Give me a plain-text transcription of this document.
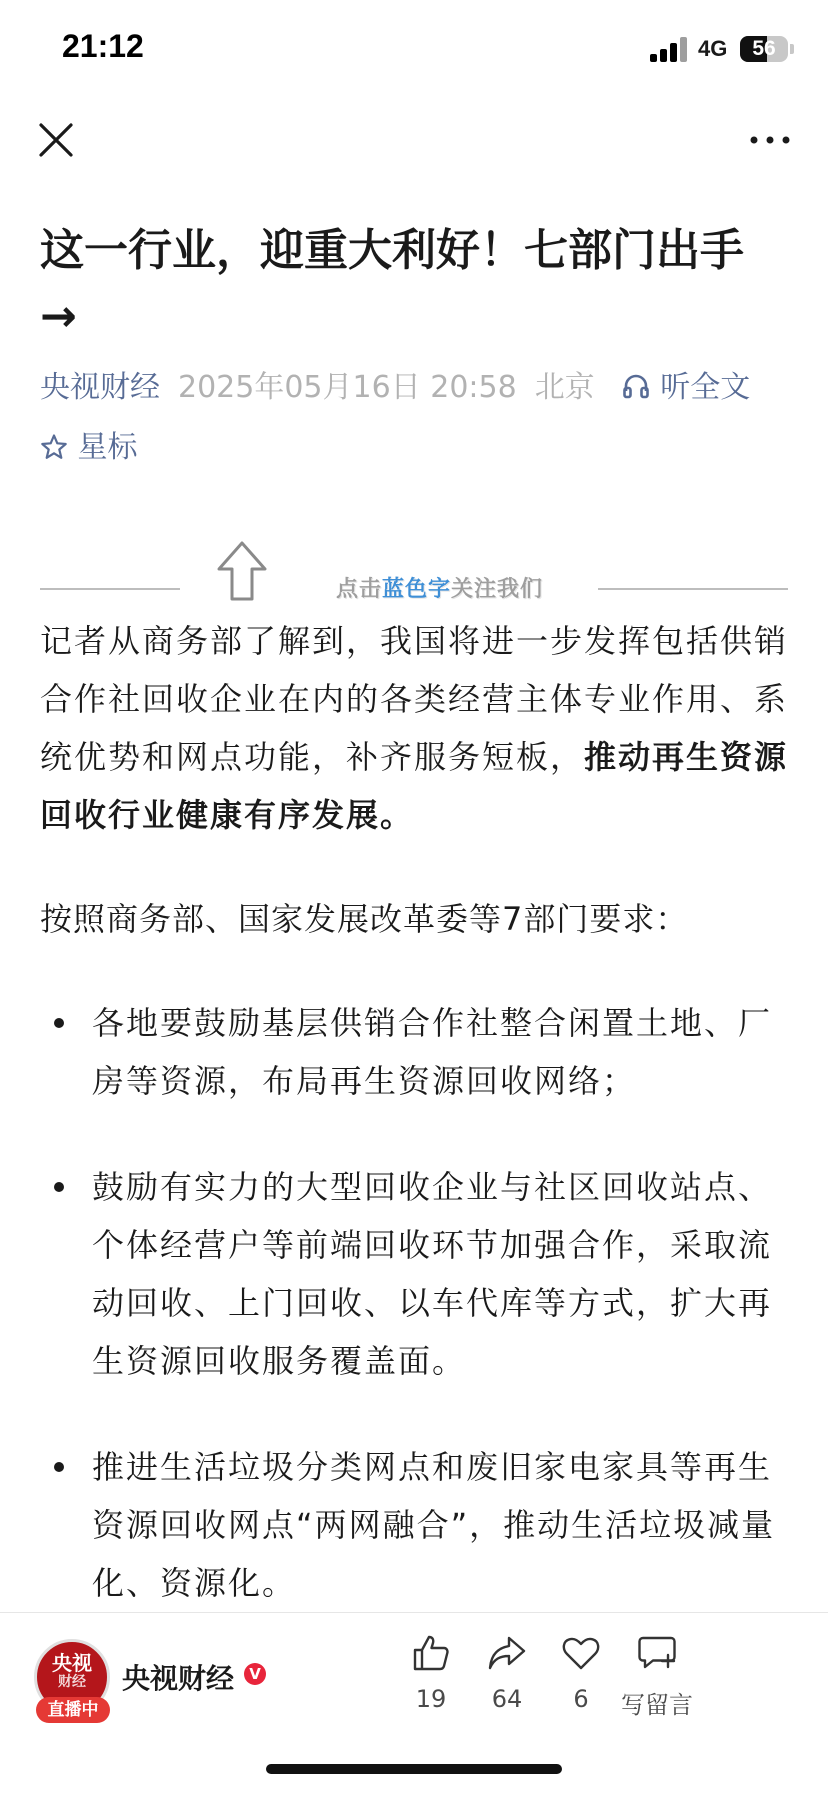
21:12	4G	56
这一行业，迎重大利好！七部门出手→
央视财经 2025年05月16日 20:58 北京 听全文
星标
点击蓝色字关注我们

记者从商务部了解到，我国将进一步发挥包括供销合作社回收企业在内的各类经营主体专业作用、系统优势和网点功能，补齐服务短板，推动再生资源回收行业健康有序发展。

按照商务部、国家发展改革委等7部门要求：

各地要鼓励基层供销合作社整合闲置土地、厂房等资源，布局再生资源回收网络；
鼓励有实力的大型回收企业与社区回收站点、个体经营户等前端回收环节加强合作，采取流动回收、上门回收、以车代库等方式，扩大再生资源回收服务覆盖面。
推进生活垃圾分类网点和废旧家电家具等再生资源回收网点“两网融合”，推动生活垃圾减量化、资源化。
央视
财经
直播中
央视财经	V
19	64	6	写留言
